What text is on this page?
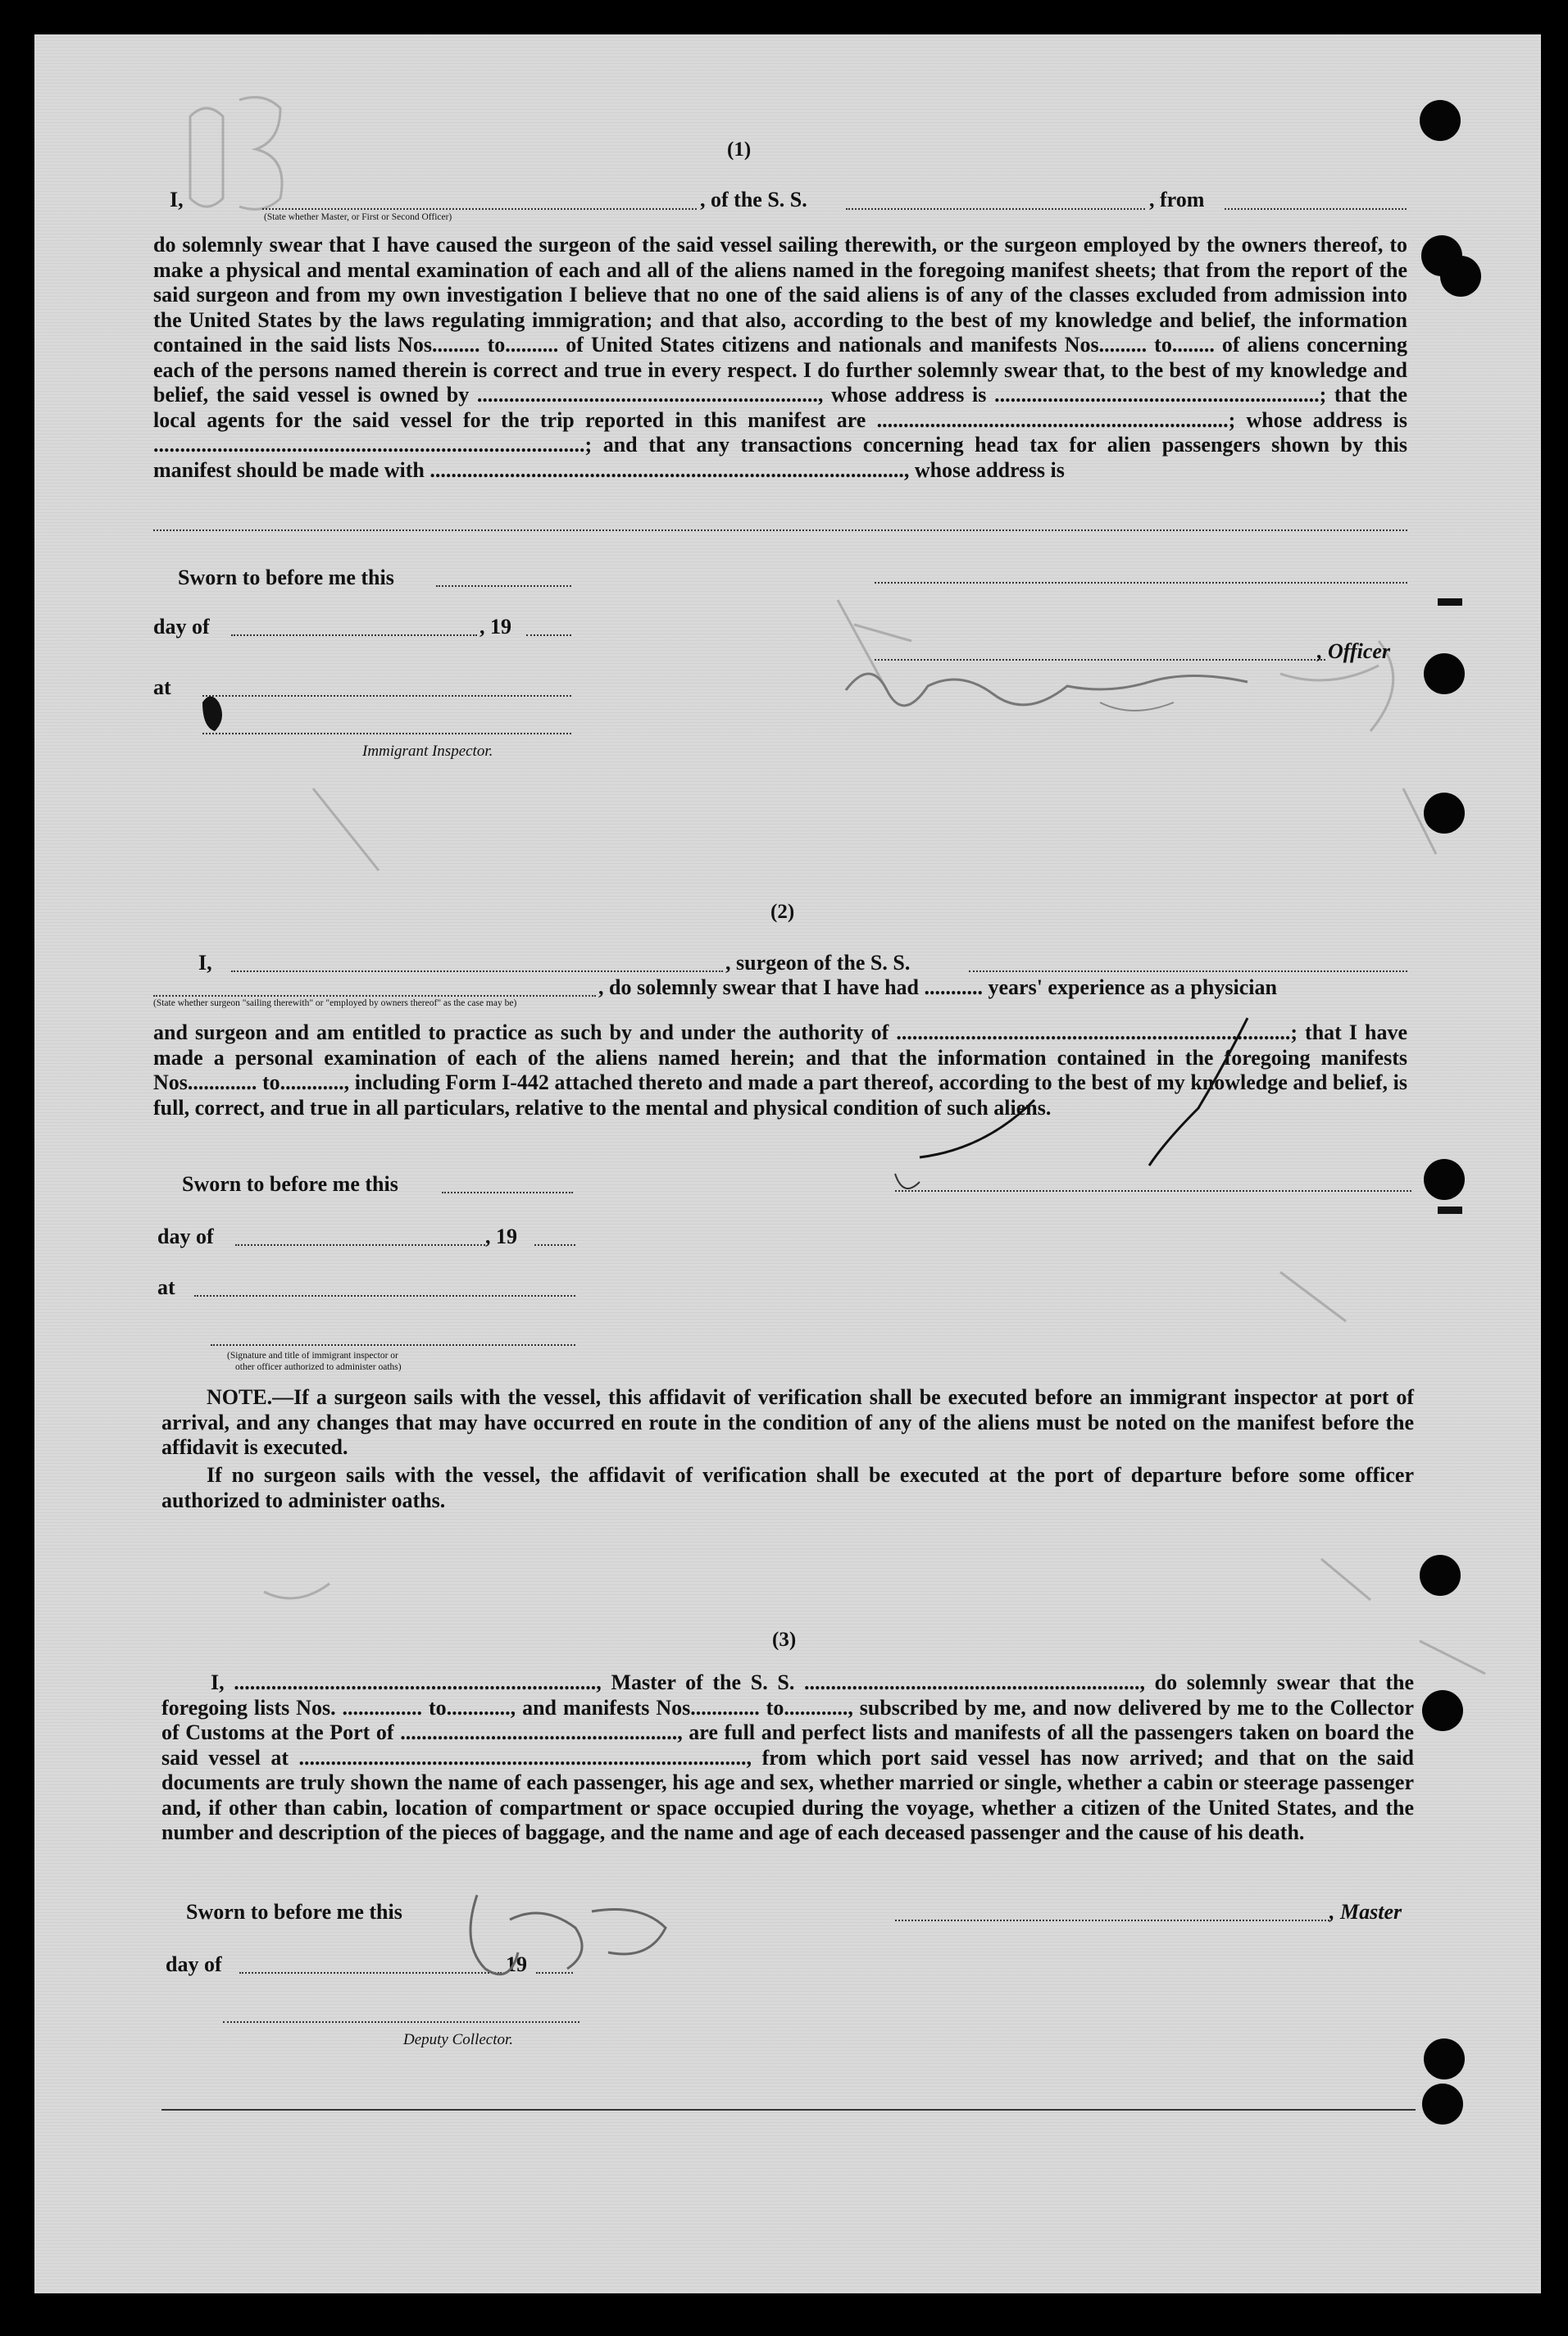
(1)
I,	, of the S. S.	, from
(State whether Master, or First or Second Officer)
do solemnly swear that I have caused the surgeon of the said vessel sailing therewith, or the surgeon employed by the owners thereof, to make a physical and mental examination of each and all of the aliens named in the foregoing manifest sheets; that from the report of the said surgeon and from my own investigation I believe that no one of the said aliens is of any of the classes excluded from admission into the United States by the laws regulating immigration; and that also, according to the best of my knowledge and belief, the information contained in the said lists Nos......... to.......... of United States citizens and nationals and manifests Nos......... to........ of aliens concerning each of the persons named therein is correct and true in every respect. I do further solemnly swear that, to the best of my knowledge and belief, the said vessel is owned by ................................................................, whose address is .............................................................; that the local agents for the said vessel for the trip reported in this manifest are ..................................................................; whose address is .................................................................................; and that any transactions concerning head tax for alien passengers shown by this manifest should be made with ........................................................................................., whose address is
Sworn to before me this
day of	, 19
, Officer
at
Immigrant Inspector.
(2)
I,	, surgeon of the S. S.
, do solemnly swear that I have had ........... years' experience as a physician
(State whether surgeon "sailing therewith" or "employed by owners thereof" as the case may be)
and surgeon and am entitled to practice as such by and under the authority of ..........................................................................; that I have made a personal examination of each of the aliens named herein; and that the information contained in the foregoing manifests Nos............. to............, including Form I-442 attached thereto and made a part thereof, according to the best of my knowledge and belief, is full, correct, and true in all particulars, relative to the mental and physical condition of such aliens.
Sworn to before me this
day of	, 19
at
(Signature and title of immigrant inspector or
other officer authorized to administer oaths)
NOTE.—If a surgeon sails with the vessel, this affidavit of verification shall be executed before an immigrant inspector at port of arrival, and any changes that may have occurred en route in the condition of any of the aliens must be noted on the manifest before the affidavit is executed.
If no surgeon sails with the vessel, the affidavit of verification shall be executed at the port of departure before some officer authorized to administer oaths.
(3)
I, ...................................................................., Master of the S. S. ..............................................................., do solemnly swear that the foregoing lists Nos. ............... to............, and manifests Nos............. to............, subscribed by me, and now delivered by me to the Collector of Customs at the Port of ...................................................., are full and perfect lists and manifests of all the passengers taken on board the said vessel at ...................................................................................., from which port said vessel has now arrived; and that on the said documents are truly shown the name of each passenger, his age and sex, whether married or single, whether a cabin or steerage passenger and, if other than cabin, location of compartment or space occupied during the voyage, whether a citizen of the United States, and the number and description of the pieces of baggage, and the name and age of each deceased passenger and the cause of his death.
Sworn to before me this	, Master
day of	19
Deputy Collector.
